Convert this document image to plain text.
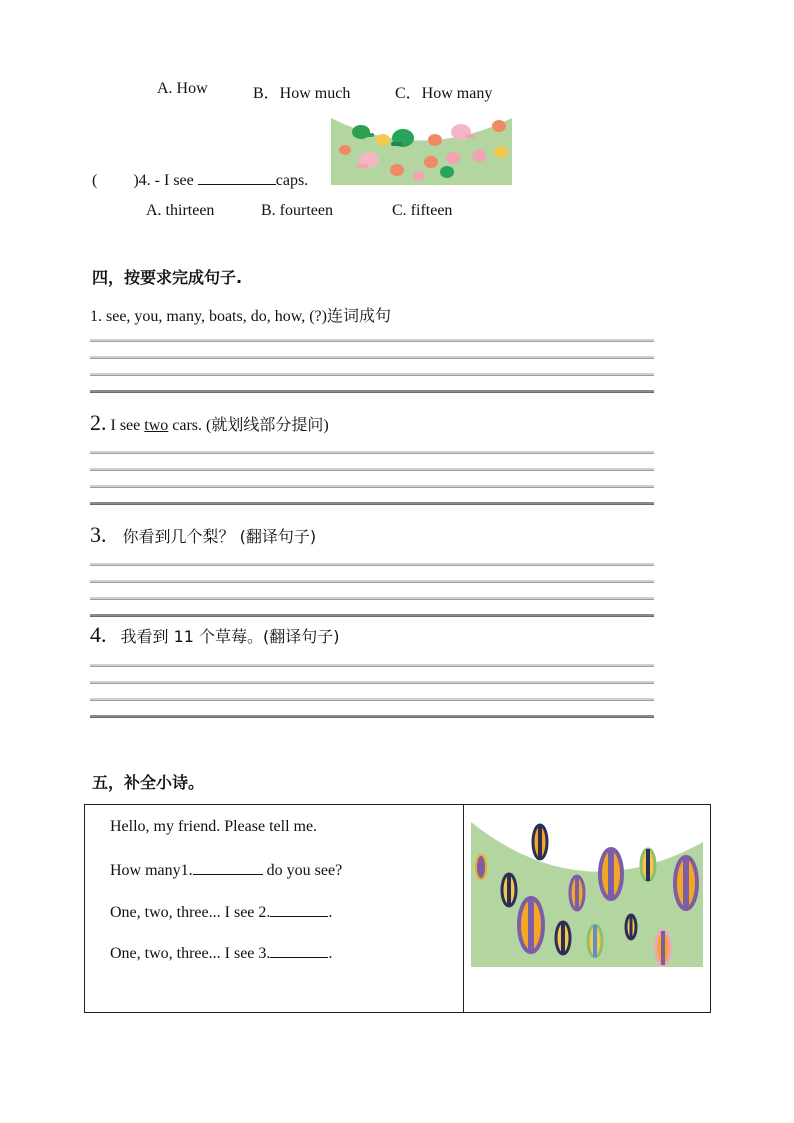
A. How	B．How much	C．How many
( )4. - I see	caps.
A. thirteen	B. fourteen	C. fifteen
四，按要求完成句子.
1. see, you, many, boats, do, how, (?)连词成句
2. I see two cars. (就划线部分提问)
3. 你看到几个梨？ (翻译句子)
4. 我看到 11 个草莓。(翻译句子)
五，补全小诗。
Hello, my friend. Please tell me.
How many1.	do you see?
One, two, three... I see 2.	.
One, two, three... I see 3.	.
